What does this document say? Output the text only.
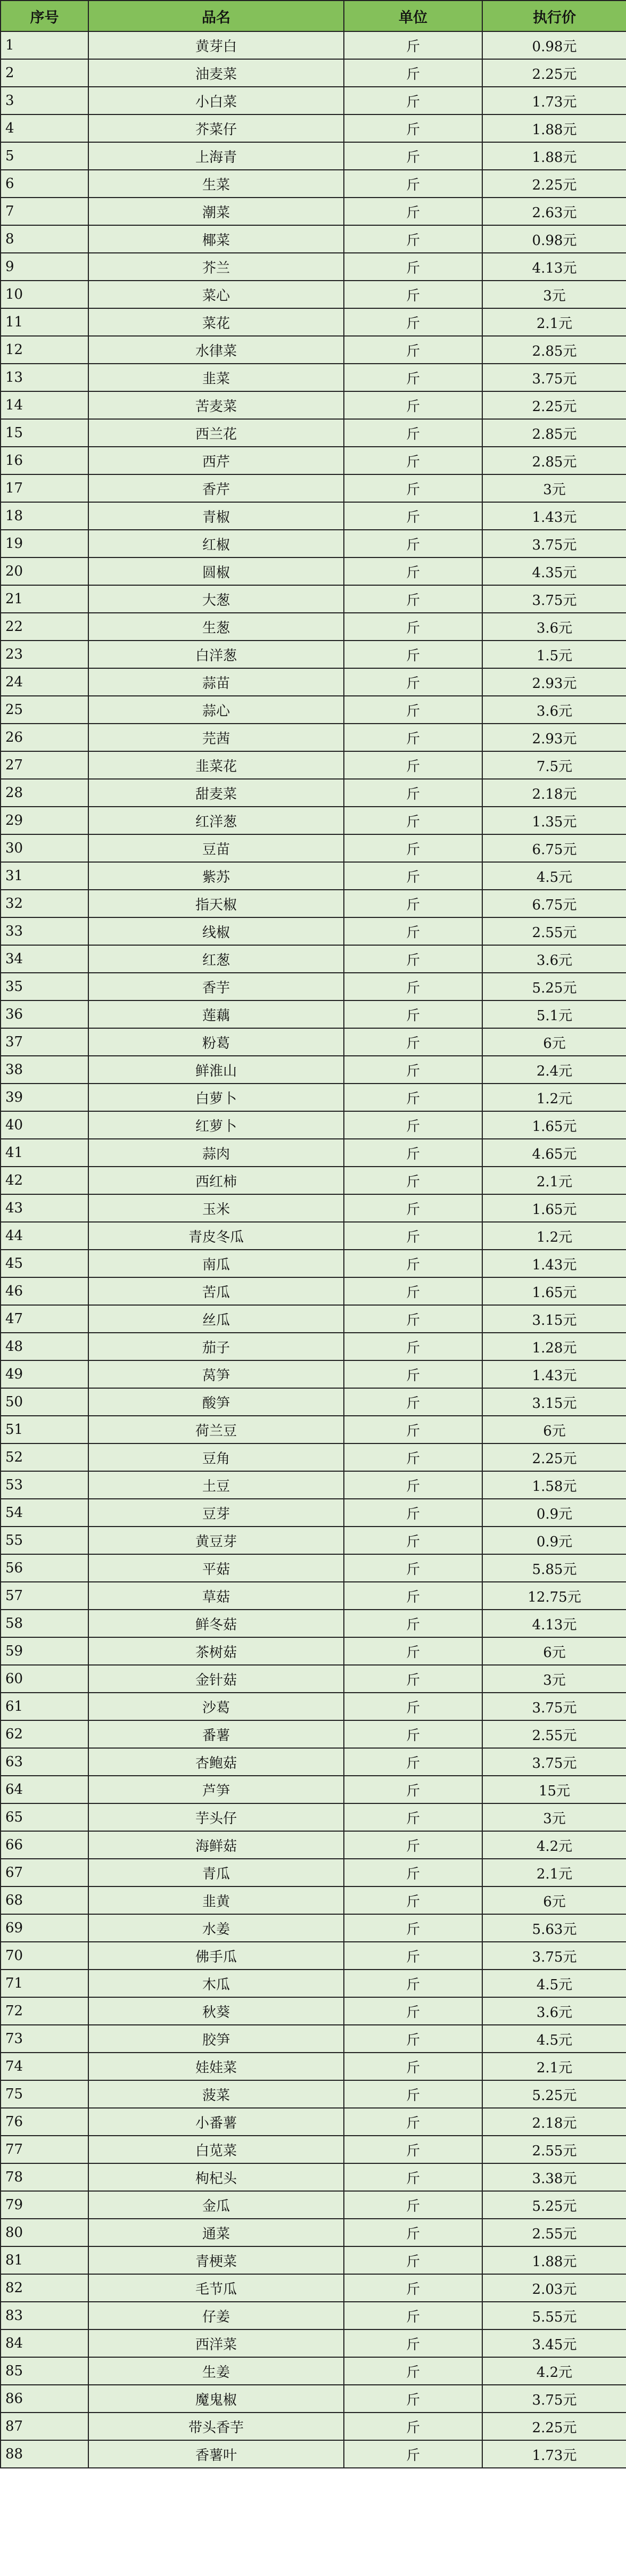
序号	品名	单位	执行价
1	黄芽白	斤	0.98元
2	油麦菜	斤	2.25元
3	小白菜	斤	1.73元
4	芥菜仔	斤	1.88元
5	上海青	斤	1.88元
6	生菜	斤	2.25元
7	潮菜	斤	2.63元
8	椰菜	斤	0.98元
9	芥兰	斤	4.13元
10	菜心	斤	3元
11	菜花	斤	2.1元
12	水律菜	斤	2.85元
13	韭菜	斤	3.75元
14	苦麦菜	斤	2.25元
15	西兰花	斤	2.85元
16	西芹	斤	2.85元
17	香芹	斤	3元
18	青椒	斤	1.43元
19	红椒	斤	3.75元
20	圆椒	斤	4.35元
21	大葱	斤	3.75元
22	生葱	斤	3.6元
23	白洋葱	斤	1.5元
24	蒜苗	斤	2.93元
25	蒜心	斤	3.6元
26	芫茜	斤	2.93元
27	韭菜花	斤	7.5元
28	甜麦菜	斤	2.18元
29	红洋葱	斤	1.35元
30	豆苗	斤	6.75元
31	紫苏	斤	4.5元
32	指天椒	斤	6.75元
33	线椒	斤	2.55元
34	红葱	斤	3.6元
35	香芋	斤	5.25元
36	莲藕	斤	5.1元
37	粉葛	斤	6元
38	鲜淮山	斤	2.4元
39	白萝卜	斤	1.2元
40	红萝卜	斤	1.65元
41	蒜肉	斤	4.65元
42	西红柿	斤	2.1元
43	玉米	斤	1.65元
44	青皮冬瓜	斤	1.2元
45	南瓜	斤	1.43元
46	苦瓜	斤	1.65元
47	丝瓜	斤	3.15元
48	茄子	斤	1.28元
49	莴笋	斤	1.43元
50	酸笋	斤	3.15元
51	荷兰豆	斤	6元
52	豆角	斤	2.25元
53	土豆	斤	1.58元
54	豆芽	斤	0.9元
55	黄豆芽	斤	0.9元
56	平菇	斤	5.85元
57	草菇	斤	12.75元
58	鲜冬菇	斤	4.13元
59	茶树菇	斤	6元
60	金针菇	斤	3元
61	沙葛	斤	3.75元
62	番薯	斤	2.55元
63	杏鲍菇	斤	3.75元
64	芦笋	斤	15元
65	芋头仔	斤	3元
66	海鲜菇	斤	4.2元
67	青瓜	斤	2.1元
68	韭黄	斤	6元
69	水姜	斤	5.63元
70	佛手瓜	斤	3.75元
71	木瓜	斤	4.5元
72	秋葵	斤	3.6元
73	胶笋	斤	4.5元
74	娃娃菜	斤	2.1元
75	菠菜	斤	5.25元
76	小番薯	斤	2.18元
77	白苋菜	斤	2.55元
78	枸杞头	斤	3.38元
79	金瓜	斤	5.25元
80	通菜	斤	2.55元
81	青梗菜	斤	1.88元
82	毛节瓜	斤	2.03元
83	仔姜	斤	5.55元
84	西洋菜	斤	3.45元
85	生姜	斤	4.2元
86	魔鬼椒	斤	3.75元
87	带头香芋	斤	2.25元
88	香薯叶	斤	1.73元
